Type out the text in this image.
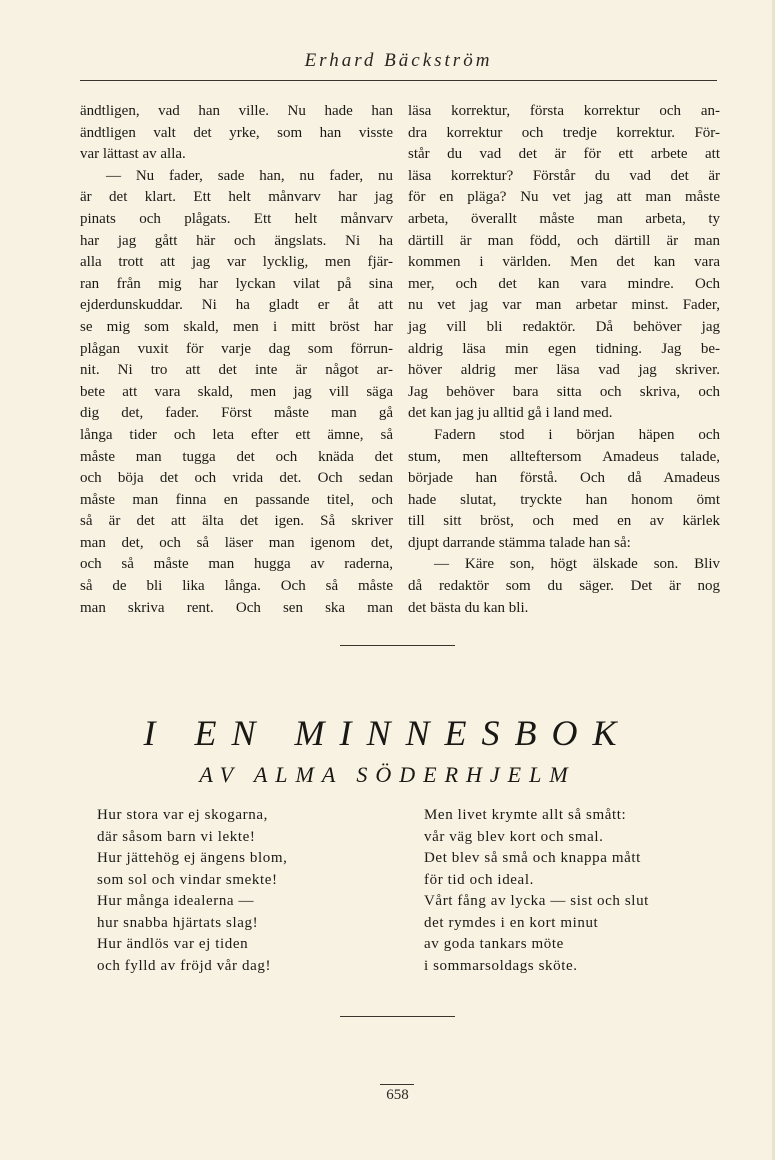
Erhard Bäckström
ändtligen, vad han ville. Nu hade han
ändtligen valt det yrke, som han visste
var lättast av alla.
— Nu fader, sade han, nu fader, nu
är det klart. Ett helt månvarv har jag
pinats och plågats. Ett helt månvarv
har jag gått här och ängslats. Ni ha
alla trott att jag var lycklig, men fjär-
ran från mig har lyckan vilat på sina
ejderdunskuddar. Ni ha gladt er åt att
se mig som skald, men i mitt bröst har
plågan vuxit för varje dag som förrun-
nit. Ni tro att det inte är något ar-
bete att vara skald, men jag vill säga
dig det, fader. Först måste man gå
långa tider och leta efter ett ämne, så
måste man tugga det och knäda det
och böja det och vrida det. Och sedan
måste man finna en passande titel, och
så är det att älta det igen. Så skriver
man det, och så läser man igenom det,
och så måste man hugga av raderna,
så de bli lika långa. Och så måste
man skriva rent. Och sen ska man
läsa korrektur, första korrektur och an-
dra korrektur och tredje korrektur. För-
står du vad det är för ett arbete att
läsa korrektur? Förstår du vad det är
för en pläga? Nu vet jag att man måste
arbeta, överallt måste man arbeta, ty
därtill är man född, och därtill är man
kommen i världen. Men det kan vara
mer, och det kan vara mindre. Och
nu vet jag var man arbetar minst. Fader,
jag vill bli redaktör. Då behöver jag
aldrig läsa min egen tidning. Jag be-
höver aldrig mer läsa vad jag skriver.
Jag behöver bara sitta och skriva, och
det kan jag ju alltid gå i land med.
Fadern stod i början häpen och
stum, men allteftersom Amadeus talade,
började han förstå. Och då Amadeus
hade slutat, tryckte han honom ömt
till sitt bröst, och med en av kärlek
djupt darrande stämma talade han så:
— Käre son, högt älskade son. Bliv
då redaktör som du säger. Det är nog
det bästa du kan bli.
I EN MINNESBOK
AV ALMA SÖDERHJELM
Hur stora var ej skogarna,
där såsom barn vi lekte!
Hur jättehög ej ängens blom,
som sol och vindar smekte!
Hur många idealerna —
hur snabba hjärtats slag!
Hur ändlös var ej tiden
och fylld av fröjd vår dag!
Men livet krymte allt så smått:
vår väg blev kort och smal.
Det blev så små och knappa mått
för tid och ideal.
Vårt fång av lycka — sist och slut
det rymdes i en kort minut
av goda tankars möte
i sommarsoldags sköte.
658
